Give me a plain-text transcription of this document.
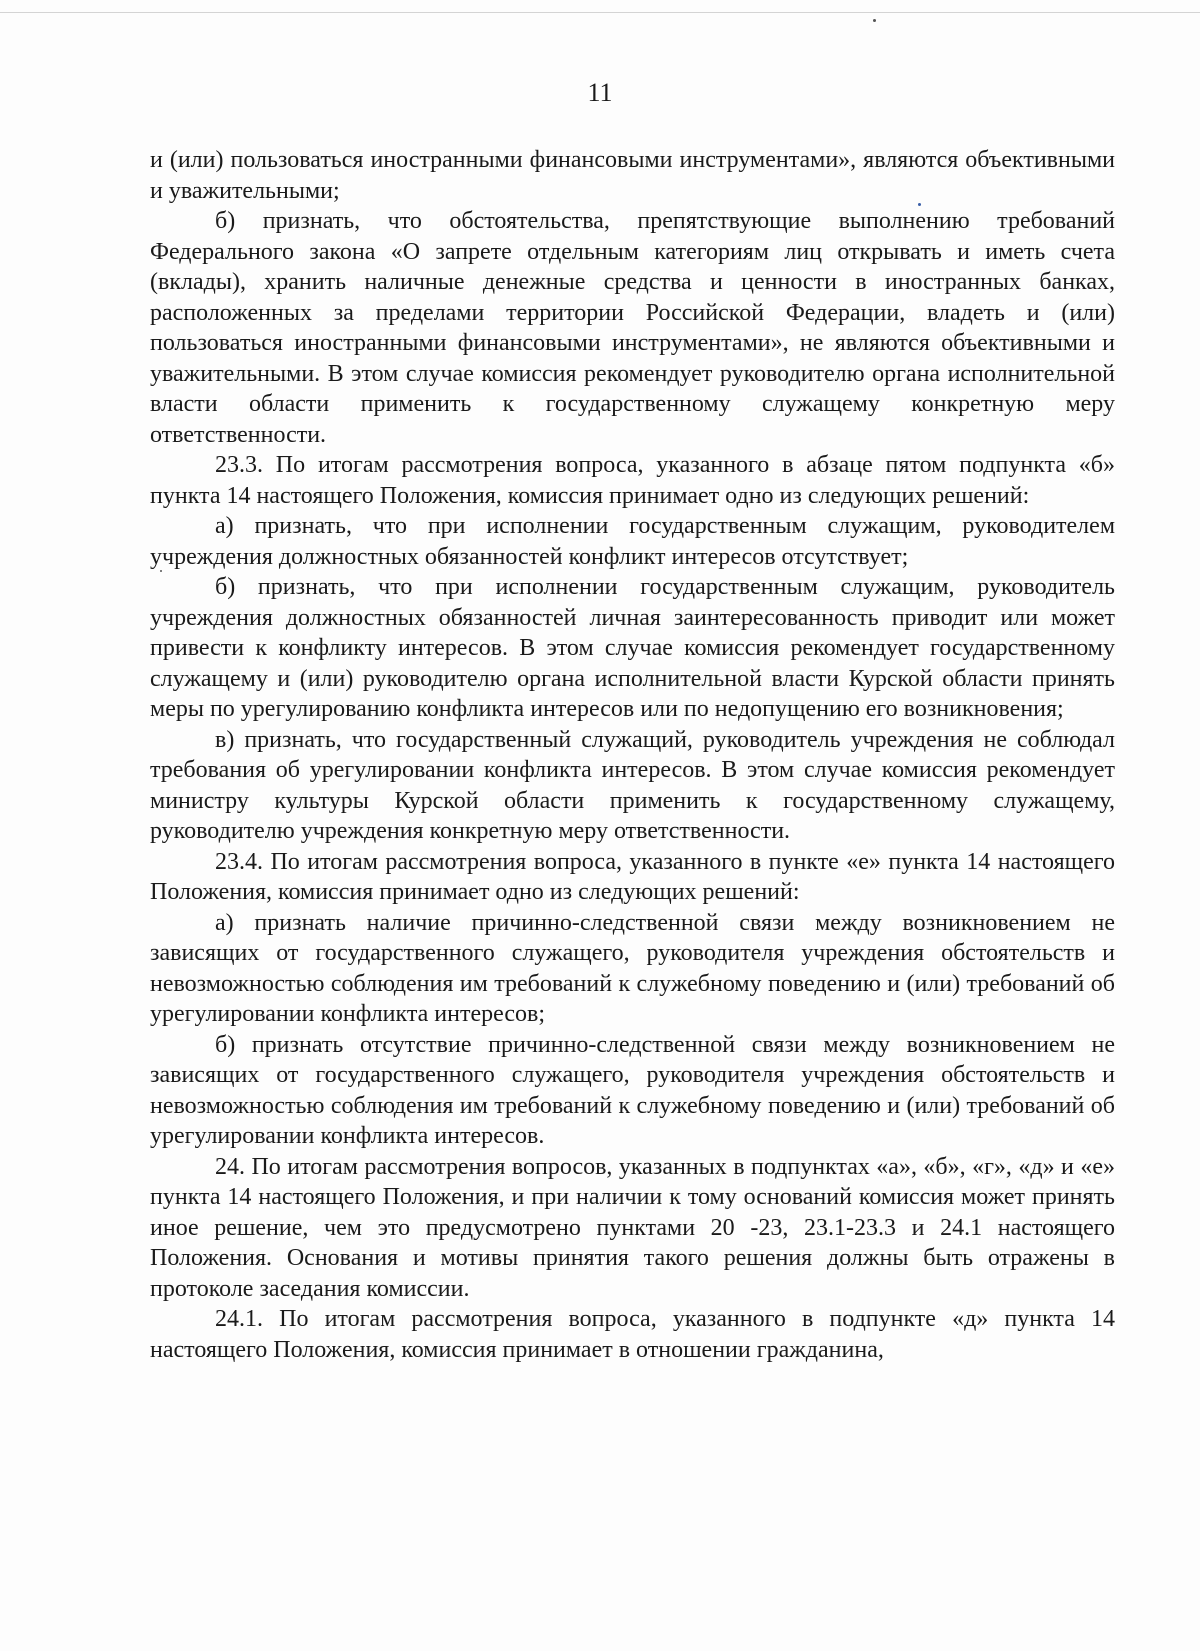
11

и (или) пользоваться иностранными финансовыми инструментами», являются объективными и уважительными;

б) признать, что обстоятельства, препятствующие выполнению требований Федерального закона «О запрете отдельным категориям лиц открывать и иметь счета (вклады), хранить наличные денежные средства и ценности в иностранных банках, расположенных за пределами территории Российской Федерации, владеть и (или) пользоваться иностранными финансовыми инструментами», не являются объективными и уважительными. В этом случае комиссия рекомендует руководителю органа исполнительной власти области применить к государственному служащему конкретную меру ответственности.

23.3. По итогам рассмотрения вопроса, указанного в абзаце пятом подпункта «б» пункта 14 настоящего Положения, комиссия принимает одно из следующих решений:

а) признать, что при исполнении государственным служащим, руководителем учреждения должностных обязанностей конфликт интересов отсутствует;

б) признать, что при исполнении государственным служащим, руководитель учреждения должностных обязанностей личная заинтересованность приводит или может привести к конфликту интересов. В этом случае комиссия рекомендует государственному служащему и (или) руководителю органа исполнительной власти Курской области принять меры по урегулированию конфликта интересов или по недопущению его возникновения;

в) признать, что государственный служащий, руководитель учреждения не соблюдал требования об урегулировании конфликта интересов. В этом случае комиссия рекомендует министру культуры Курской области применить к государственному служащему, руководителю учреждения конкретную меру ответственности.

23.4. По итогам рассмотрения вопроса, указанного в пункте «е» пункта 14 настоящего Положения, комиссия принимает одно из следующих решений:

а) признать наличие причинно-следственной связи между возникновением не зависящих от государственного служащего, руководителя учреждения обстоятельств и невозможностью соблюдения им требований к служебному поведению и (или) требований об урегулировании конфликта интересов;

б) признать отсутствие причинно-следственной связи между возникновением не зависящих от государственного служащего, руководителя учреждения обстоятельств и невозможностью соблюдения им требований к служебному поведению и (или) требований об урегулировании конфликта интересов.

24. По итогам рассмотрения вопросов, указанных в подпунктах «а», «б», «г», «д» и «е» пункта 14 настоящего Положения, и при наличии к тому оснований комиссия может принять иное решение, чем это предусмотрено пунктами 20 -23, 23.1-23.3 и 24.1 настоящего Положения. Основания и мотивы принятия такого решения должны быть отражены в протоколе заседания комиссии.

24.1. По итогам рассмотрения вопроса, указанного в подпункте «д» пункта 14 настоящего Положения, комиссия принимает в отношении гражданина,
